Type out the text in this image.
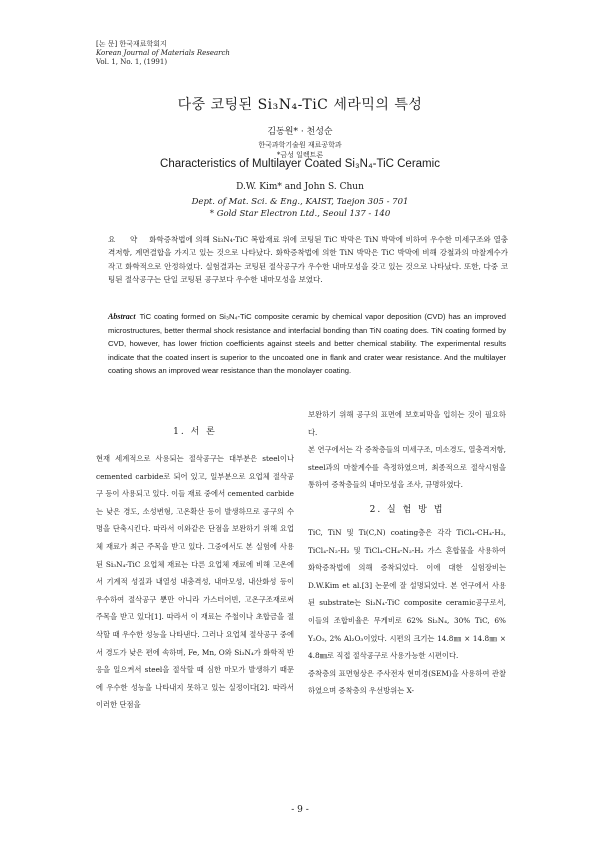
[논 문] 한국재료학회지
Korean Journal of Materials Research
Vol. 1, No. 1, (1991)
다중 코팅된 Si₃N₄-TiC 세라믹의 특성
김동원* · 천성순
한국과학기술원 재료공학과
*금성 일렉트론
Characteristics of Multilayer Coated Si₃N₄-TiC Ceramic
D.W. Kim* and John S. Chun
Dept. of Mat. Sci. & Eng., KAIST, Taejon 305 - 701
* Gold Star Electron Ltd., Seoul 137 - 140
요 약 화학증착법에 의해 Si₃N₄-TiC 복합재료 위에 코팅된 TiC 박막은 TiN 박막에 비하여 우수한 미세구조와 열충격저항, 계면결합을 가지고 있는 것으로 나타났다. 화학증착법에 의한 TiN 박막은 TiC 박막에 비해 강철과의 마찰계수가 작고 화학적으로 안정하였다. 실험결과는 코팅된 절삭공구가 우수한 내마모성을 갖고 있는 것으로 나타났다. 또한, 다중 코팅된 절삭공구는 단일 코팅된 공구보다 우수한 내마모성을 보였다.
Abstract TiC coating formed on Si₃N₄-TiC composite ceramic by chemical vapor deposition (CVD) has an improved microstructures, better thermal shock resistance and interfacial bonding than TiN coating does. TiN coating formed by CVD, however, has lower friction coefficients against steels and better chemical stability. The experimental results indicate that the coated insert is superior to the uncoated one in flank and crater wear resistance. And the multilayer coating shows an improved wear resistance than the monolayer coating.
1. 서 론

현재 세계적으로 사용되는 절삭공구는 대부분은 steel이나 cemented carbide로 되어 있고, 일부분으로 요업체 절삭공구 등이 사용되고 있다. 이들 재료 중에서 cemented carbide는 낮은 경도, 소성변형, 고온확산 등이 발생하므로 공구의 수명을 단축시킨다. 따라서 이와같은 단점을 보완하기 위해 요업체 재료가 최근 주목을 받고 있다. 그중에서도 본 실험에 사용된 Si₃N₄-TiC 요업체 재료는 다른 요업체 재료에 비해 고온에서 기계적 성질과 내열성 내충격성, 내마모성, 내산화성 등이 우수하여 절삭공구 뿐만 아니라 가스터어빈, 고온구조재로써 주목을 받고 있다[1]. 따라서 이 재료는 주철이나 초합금을 절삭할 때 우수한 성능을 나타낸다. 그러나 요업체 절삭공구 중에서 경도가 낮은 편에 속하며, Fe, Mn, O와 Si₃N₄가 화학적 반응을 일으켜서 steel을 절삭할 때 심한 마모가 발생하기 때문에 우수한 성능을 나타내지 못하고 있는 실정이다[2]. 따라서 이러한 단점을

보완하기 위해 공구의 표면에 보호피막을 입히는 것이 필요하다.

본 연구에서는 각 증착층들의 미세구조, 미소경도, 열충격저항, steel과의 마찰계수를 측정하였으며, 최종적으로 절삭시험을 통하여 증착층들의 내마모성을 조사, 규명하였다.

2. 실 험 방 법

TiC, TiN 및 Ti(C,N) coating층은 각각 TiCl₄-CH₄-H₂, TiCl₄-N₂-H₂ 및 TiCl₄-CH₄-N₂-H₂ 가스 혼합물을 사용하여 화학증착법에 의해 증착되었다. 이에 대한 실험장비는 D.W.Kim et al.[3] 논문에 잘 설명되었다. 본 연구에서 사용된 substrate는 Si₃N₄-TiC composite ceramic공구로서, 이들의 조합비율은 무게비로 62% Si₃N₄, 30% TiC, 6% Y₂O₃, 2% Al₂O₃이었다. 시편의 크기는 14.8㎜ × 14.8㎜ × 4.8㎜로 직접 절삭공구로 사용가능한 시편이다.

증착층의 표면형상은 주사전자 현미경(SEM)을 사용하여 관찰하였으며 증착층의 우선방위는 X-

- 9 -
